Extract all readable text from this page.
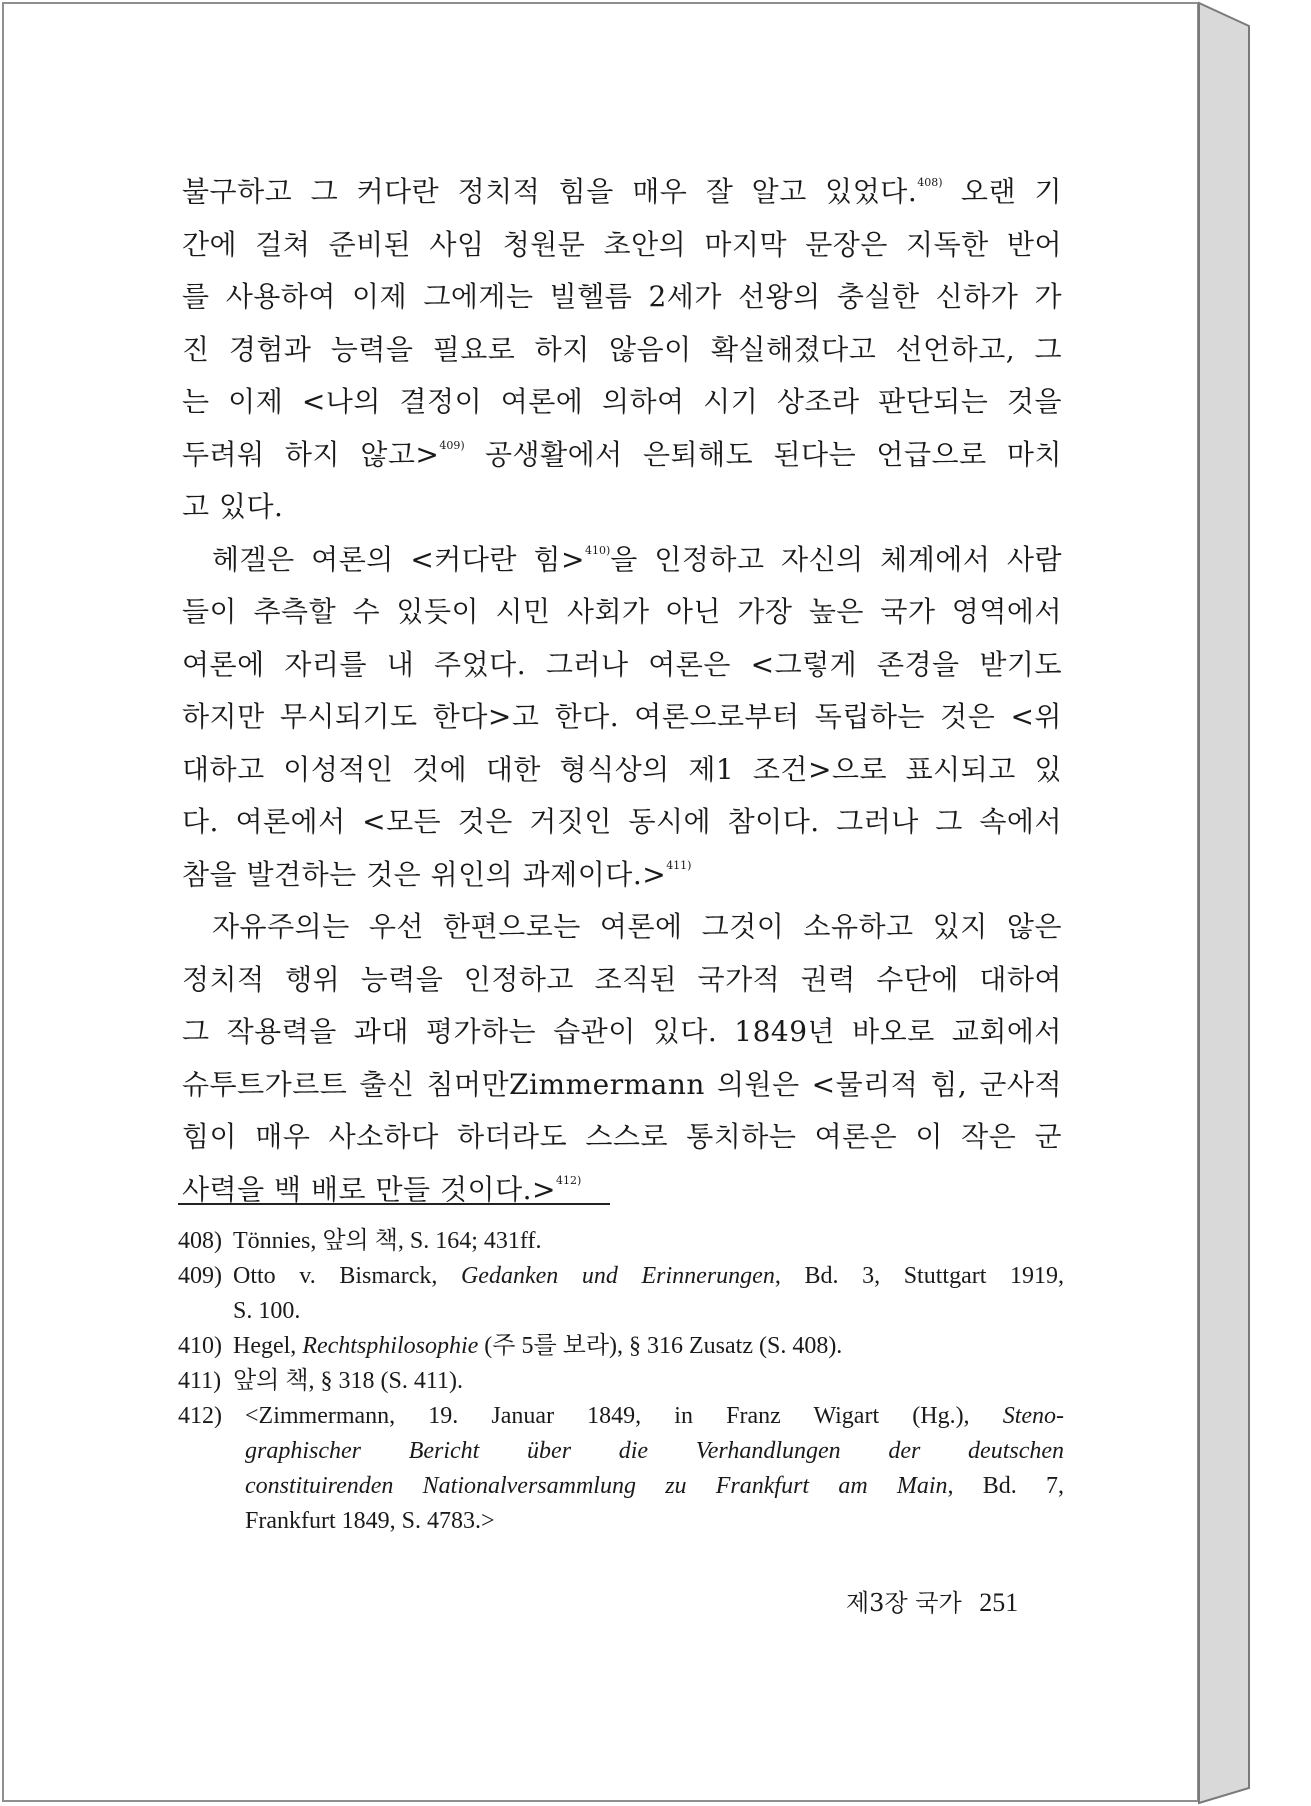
불구하고 그 커다란 정치적 힘을 매우 잘 알고 있었다.$^{408)}$ 오랜 기
간에 걸쳐 준비된 사임 청원문 초안의 마지막 문장은 지독한 반어
를 사용하여 이제 그에게는 빌헬름 2세가 선왕의 충실한 신하가 가
진 경험과 능력을 필요로 하지 않음이 확실해졌다고 선언하고, 그
는 이제 <나의 결정이 여론에 의하여 시기 상조라 판단되는 것을
두려워 하지 않고>$^{409)}$ 공생활에서 은퇴해도 된다는 언급으로 마치
고 있다.
헤겔은 여론의 <커다란 힘>$^{410)}$을 인정하고 자신의 체계에서 사람
들이 추측할 수 있듯이 시민 사회가 아닌 가장 높은 국가 영역에서
여론에 자리를 내 주었다. 그러나 여론은 <그렇게 존경을 받기도
하지만 무시되기도 한다>고 한다. 여론으로부터 독립하는 것은 <위
대하고 이성적인 것에 대한 형식상의 제1 조건>으로 표시되고 있
다. 여론에서 <모든 것은 거짓인 동시에 참이다. 그러나 그 속에서
참을 발견하는 것은 위인의 과제이다.>$^{411)}$
자유주의는 우선 한편으로는 여론에 그것이 소유하고 있지 않은
정치적 행위 능력을 인정하고 조직된 국가적 권력 수단에 대하여
그 작용력을 과대 평가하는 습관이 있다. 1849년 바오로 교회에서
슈투트가르트 출신 침머만Zimmermann 의원은 <물리적 힘, 군사적
힘이 매우 사소하다 하더라도 스스로 통치하는 여론은 이 작은 군
사력을 백 배로 만들 것이다.>$^{412)}$
408) Tönnies, 앞의 책, S. 164; 431ff.
409) Otto v. Bismarck, Gedanken und Erinnerungen, Bd. 3, Stuttgart 1919,
S. 100.
410) Hegel, Rechtsphilosophie (주 5를 보라), § 316 Zusatz (S. 408).
411) 앞의 책, § 318 (S. 411).
412) <Zimmermann, 19. Januar 1849, in Franz Wigart (Hg.), Steno-
graphischer Bericht über die Verhandlungen der deutschen
constituirenden Nationalversammlung zu Frankfurt am Main, Bd. 7,
Frankfurt 1849, S. 4783.>
제3장 국가 251
